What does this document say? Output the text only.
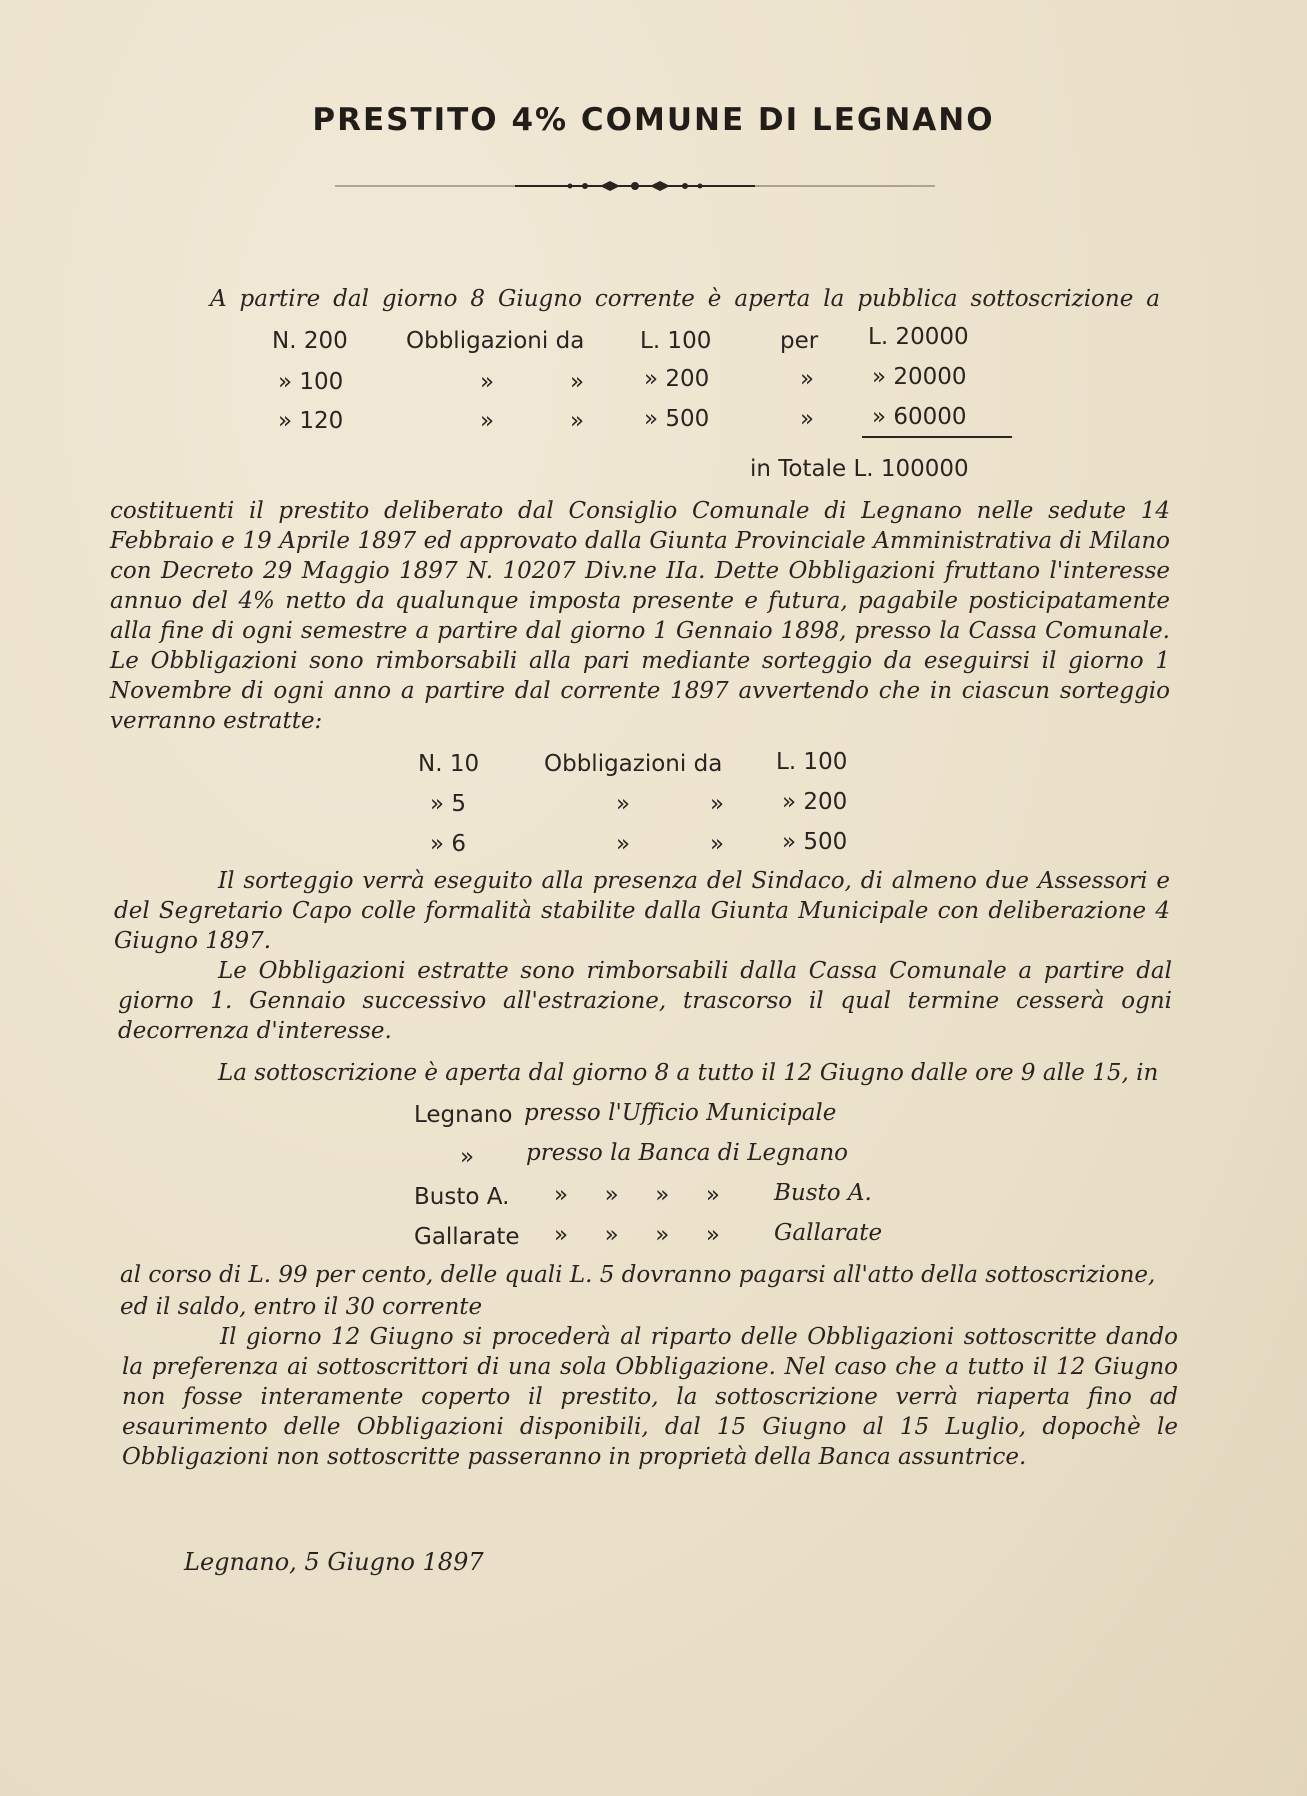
PRESTITO 4% COMUNE DI LEGNANO
A partire dal giorno 8 Giugno corrente è aperta la pubblica sottoscrizione a
N. 200	Obbligazioni da L. 100	per L. 20000
» 100	»	»	» 200	»	» 20000
» 120	»	»	» 500	»	» 60000
in Totale L. 100000
costituenti il prestito deliberato dal Consiglio Comunale di Legnano nelle sedute 14 Febbraio e 19 Aprile 1897 ed approvato dalla Giunta Provinciale Amministrativa di Milano con Decreto 29 Maggio 1897 N. 10207 Div.ne IIa. Dette Obbligazioni fruttano l'interesse annuo del 4% netto da qualunque imposta presente e futura, pagabile posticipatamente alla fine di ogni semestre a partire dal giorno 1 Gennaio 1898, presso la Cassa Comunale. Le Obbligazioni sono rimborsabili alla pari mediante sorteggio da eseguirsi il giorno 1 Novembre di ogni anno a partire dal corrente 1897 avvertendo che in ciascun sorteggio verranno estratte:
N. 10	Obbligazioni da L. 100
» 5	»	»	» 200
» 6	»	»	» 500
Il sorteggio verrà eseguito alla presenza del Sindaco, di almeno due Assessori e del Segretario Capo colle formalità stabilite dalla Giunta Municipale con deliberazione 4 Giugno 1897.
Le Obbligazioni estratte sono rimborsabili dalla Cassa Comunale a partire dal giorno 1. Gennaio successivo all'estrazione, trascorso il qual termine cesserà ogni decorrenza d'interesse.
La sottoscrizione è aperta dal giorno 8 a tutto il 12 Giugno dalle ore 9 alle 15, in
Legnano presso l'Ufficio Municipale
» presso la Banca di Legnano
Busto A. »     »     »     » Busto A.
Gallarate »     »     »     » Gallarate
al corso di L. 99 per cento, delle quali L. 5 dovranno pagarsi all'atto della sottoscrizione,
ed il saldo, entro il 30 corrente
Il giorno 12 Giugno si procederà al riparto delle Obbligazioni sottoscritte dando la preferenza ai sottoscrittori di una sola Obbligazione. Nel caso che a tutto il 12 Giugno non fosse interamente coperto il prestito, la sottoscrizione verrà riaperta fino ad esaurimento delle Obbligazioni disponibili, dal 15 Giugno al 15 Luglio, dopochè le Obbligazioni non sottoscritte passeranno in proprietà della Banca assuntrice.
Legnano, 5 Giugno 1897
